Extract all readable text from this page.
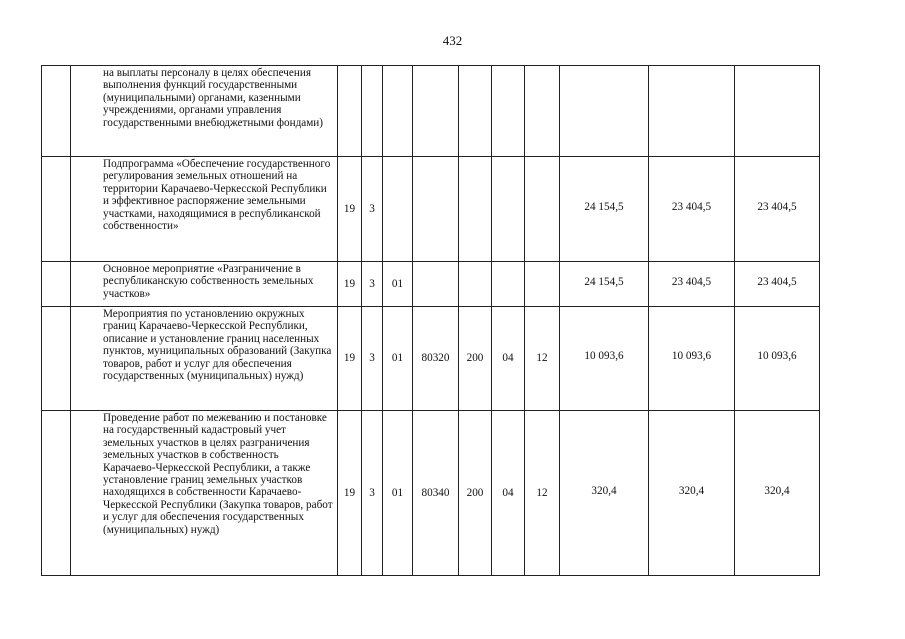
432
	на выплаты персоналу в целях обеспечения выполнения функций государственными (муниципальными) органами, казенными учреждениями, органами управления государственными внебюджетными фондами)										
	Подпрограмма «Обеспечение государственного регулирования земельных отношений на территории Карачаево-Черкесской Республики и эффективное распоряжение земельными участками, находящимися в республиканской собственности»	19	3						24 154,5	23 404,5	23 404,5
	Основное мероприятие «Разграничение в республиканскую собственность земельных участков»	19	3	01					24 154,5	23 404,5	23 404,5
	Мероприятия по установлению окружных границ Карачаево-Черкесской Республики, описание и установление границ населенных пунктов, муниципальных образований (Закупка товаров, работ и услуг для обеспечения государственных (муниципальных) нужд)	19	3	01	80320	200	04	12	10 093,6	10 093,6	10 093,6
	Проведение работ по межеванию и постановке на государственный кадастровый учет земельных участков в целях разграничения земельных участков в собственность Карачаево-Черкесской Республики, а также установление границ земельных участков находящихся в собственности Карачаево-Черкесской Республики (Закупка товаров, работ и услуг для обеспечения государственных (муниципальных) нужд)	19	3	01	80340	200	04	12	320,4	320,4	320,4
